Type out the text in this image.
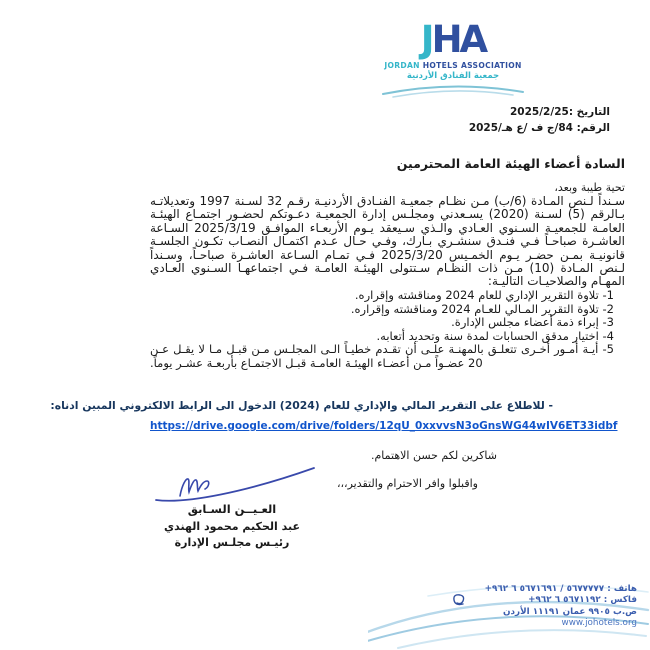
JHA
JORDAN HOTELS ASSOCIATION
جمعية الفنادق الأردنية
التاريخ :2025/2/25
الرقم: 84/ج ف /ع هـ/2025
السادة أعضاء الهيئة العامة المحترمين
تحية طيبة وبعد،
سـنداً لـنص المـادة (6/ب) مـن نظـام جمعيـة الفنـادق الأردنيـة رقـم 32 لسـنة 1997 وتعديلاتـه بـالرقم (5) لسـنة (2020) يسـعدني ومجلـس إدارة الجمعيـة دعـوتكم لحضـور اجتمـاع الهيئـة العامـة للجمعيـة السـنوي العـادي والـذي سـيعقد يـوم الأربعـاء الموافـق 2025/3/19 السـاعة العاشـرة صباحـاً فـي فنـدق سنشـري بـارك، وفـي حـال عـدم اكتمـال النصـاب تكـون الجلسـة قانونيـة بمـن حضـر يـوم الخمـيس 2025/3/20 فـي تمـام السـاعة العاشـرة صباحـاً، وسـنداً لـنص المـادة (10) مـن ذات النظـام سـتتولى الهيئـة العامـة فـي اجتماعهـا السـنوي العـادي المهـام والصلاحيـات التاليـة:
1- تلاوة التقرير الإداري للعام 2024 ومناقشته وإقراره.
2- تلاوة التقرير المـالي للعـام 2024 ومناقشته وإقراره.
3- إبراء ذمة أعضاء مجلس الإدارة.
4- اختيار مدقق الحسابات لمدة سنة وتحديد أتعابه.
5- أيـة أمـور أخـرى تتعلـق بالمهنـة علـى أن تقـدم خطيـاً الـى المجلـس مـن قبـل مـا لا يقـل عـن 20 عضـواً مـن أعضـاء الهيئـة العامـة قبـل الاجتمـاع بأربعـة عشـر يوماً.
- للاطلاع على التقرير المالي والإداري للعام (2024) الدخول الى الرابط الالكتروني المبين ادناه:
https://drive.google.com/drive/folders/12qU_0xxvvsN3oGnsWG44wIV6ET33idbf
شاكرين لكم حسن الاهتمام.
واقبلوا وافر الاحترام والتقدير،،،
العـيــن السـابق
عبد الحكيم محمود الهندي
رئيـس مجلـس الإدارة
هاتف : ٥٦٧٧٧٧٧ / ٥٦٧١٦٩١ ٦ ٩٦٢+
فاكس : ٥٦٧١١٩٢ ٦ ٩٦٢+
ص.ب ٩٩٠٥ عمان ١١١٩١ الأردن
www.johotels.org
